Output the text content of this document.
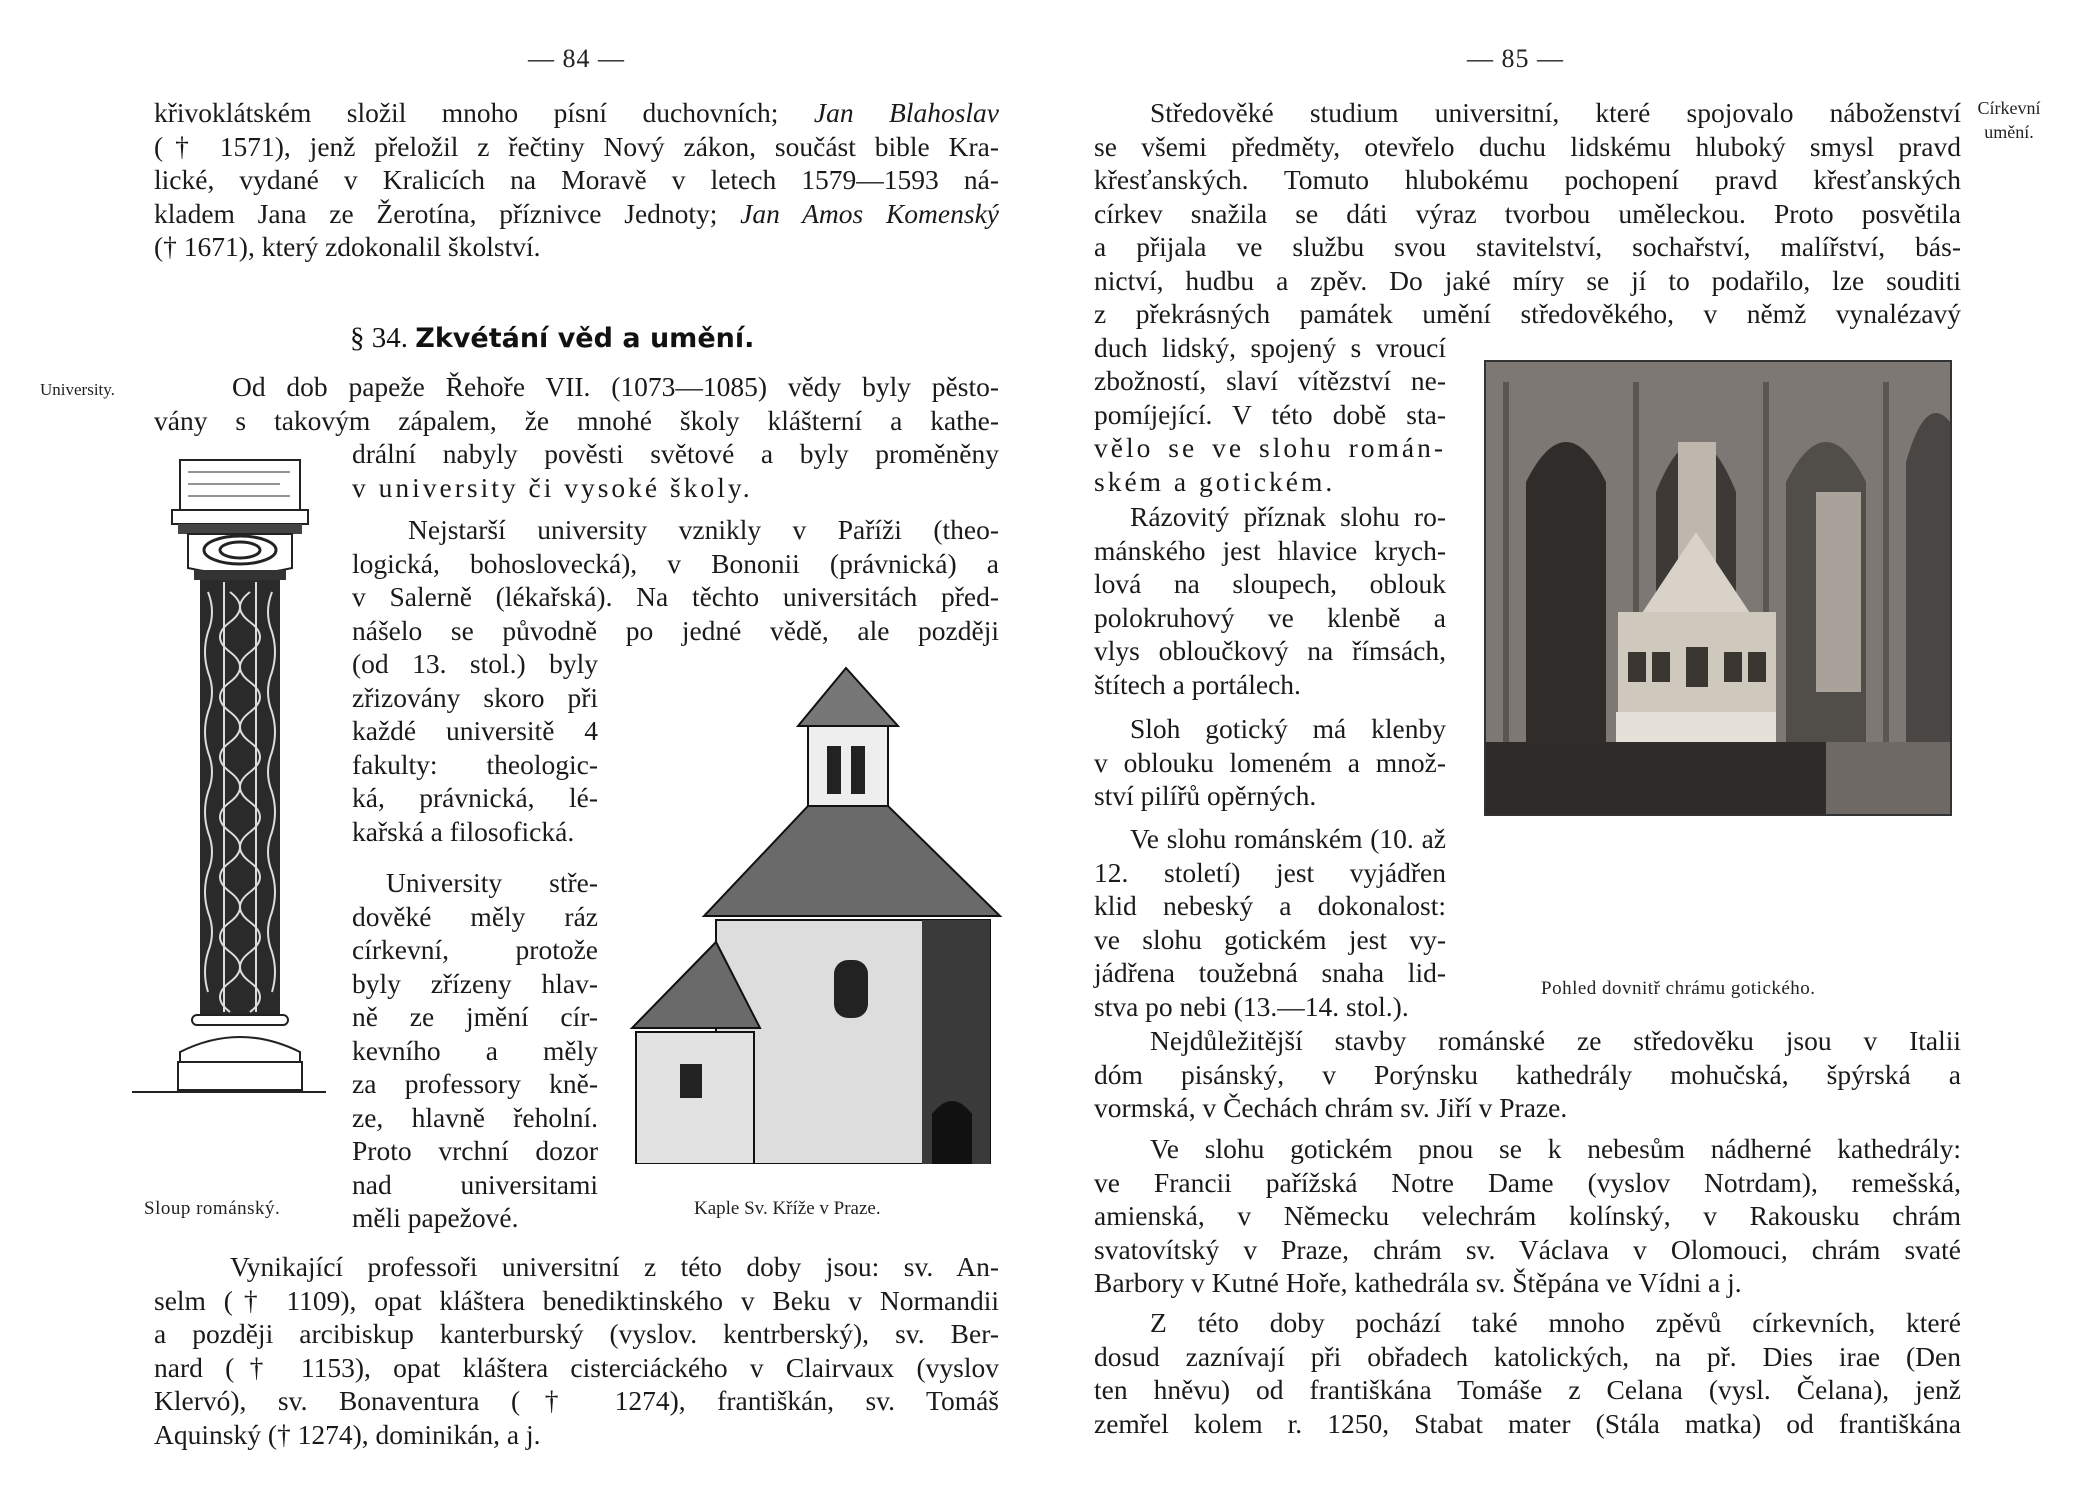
— 84 —
křivoklátském složil mnoho písní duchovních; Jan Blahoslav
(† 1571), jenž přeložil z řečtiny Nový zákon, součást bible Kra-
lické, vydané v Kralicích na Moravě v letech 1579—1593 ná-
kladem Jana ze Žerotína, příznivce Jednoty; Jan Amos Komenský
(† 1671), který zdokonalil školství.
§ 34. Zkvétání věd a umění.
University.	Od dob papeže Řehoře VII. (1073—1085) vědy byly pěsto-
vány s takovým zápalem, že mnohé školy klášterní a kathe-
drální nabyly pověsti světové a byly proměněny
v university či vysoké školy.
Nejstarší university vznikly v Paříži (theo-
logická, bohoslovecká), v Bononii (právnická) a
v Salerně (lékařská). Na těchto universitách před-
nášelo se původně po jedné vědě, ale později
(od 13. stol.) byly
zřizovány skoro při
každé universitě 4
fakulty: theologic-
ká, právnická, lé-
kařská a filosofická.
University stře-
dověké měly ráz
církevní, protože
byly zřízeny hlav-
ně ze jmění cír-
kevního a měly
za professory kně-
ze, hlavně řeholní.
Proto vrchní dozor
nad universitami
měli papežové.
Sloup románský.	Kaple Sv. Kříže v Praze.
Vynikající professoři universitní z této doby jsou: sv. An-
selm († 1109), opat kláštera benediktinského v Beku v Normandii
a později arcibiskup kanterburský (vyslov. kentrberský), sv. Ber-
nard († 1153), opat kláštera cisterciáckého v Clairvaux (vyslov
Klervó), sv. Bonaventura († 1274), františkán, sv. Tomáš
Aquinský († 1274), dominikán, a j.
— 85 —
Církevní
umění.
Středověké studium universitní, které spojovalo náboženství
se všemi předměty, otevřelo duchu lidskému hluboký smysl pravd
křesťanských. Tomuto hlubokému pochopení pravd křesťanských
církev snažila se dáti výraz tvorbou uměleckou. Proto posvětila
a přijala ve službu svou stavitelství, sochařství, malířství, bás-
nictví, hudbu a zpěv. Do jaké míry se jí to podařilo, lze souditi
z překrásných památek umění středověkého, v němž vynalézavý
duch lidský, spojený s vroucí
zbožností, slaví vítězství ne-
pomíjející. V této době sta-
vělo se ve slohu román-
ském a gotickém.
Rázovitý příznak slohu ro-
mánského jest hlavice krych-
lová na sloupech, oblouk
polokruhový ve klenbě a
vlys obloučkový na římsách,
štítech a portálech.
Sloh gotický má klenby
v oblouku lomeném a množ-
ství pilířů opěrných.
Ve slohu románském (10. až
12. století) jest vyjádřen
klid nebeský a dokonalost:
ve slohu gotickém jest vy-
jádřena toužebná snaha lid-
stva po nebi (13.—14. stol.).
Pohled dovnitř chrámu gotického.
Nejdůležitější stavby románské ze středověku jsou v Italii
dóm pisánský, v Porýnsku kathedrály mohučská, špýrská a
vormská, v Čechách chrám sv. Jiří v Praze.
Ve slohu gotickém pnou se k nebesům nádherné kathedrály:
ve Francii pařížská Notre Dame (vyslov Notrdam), remešská,
amienská, v Německu velechrám kolínský, v Rakousku chrám
svatovítský v Praze, chrám sv. Václava v Olomouci, chrám svaté
Barbory v Kutné Hoře, kathedrála sv. Štěpána ve Vídni a j.
Z této doby pochází také mnoho zpěvů církevních, které
dosud zaznívají při obřadech katolických, na př. Dies irae (Den
ten hněvu) od františkána Tomáše z Celana (vysl. Čelana), jenž
zemřel kolem r. 1250, Stabat mater (Stála matka) od františkána
